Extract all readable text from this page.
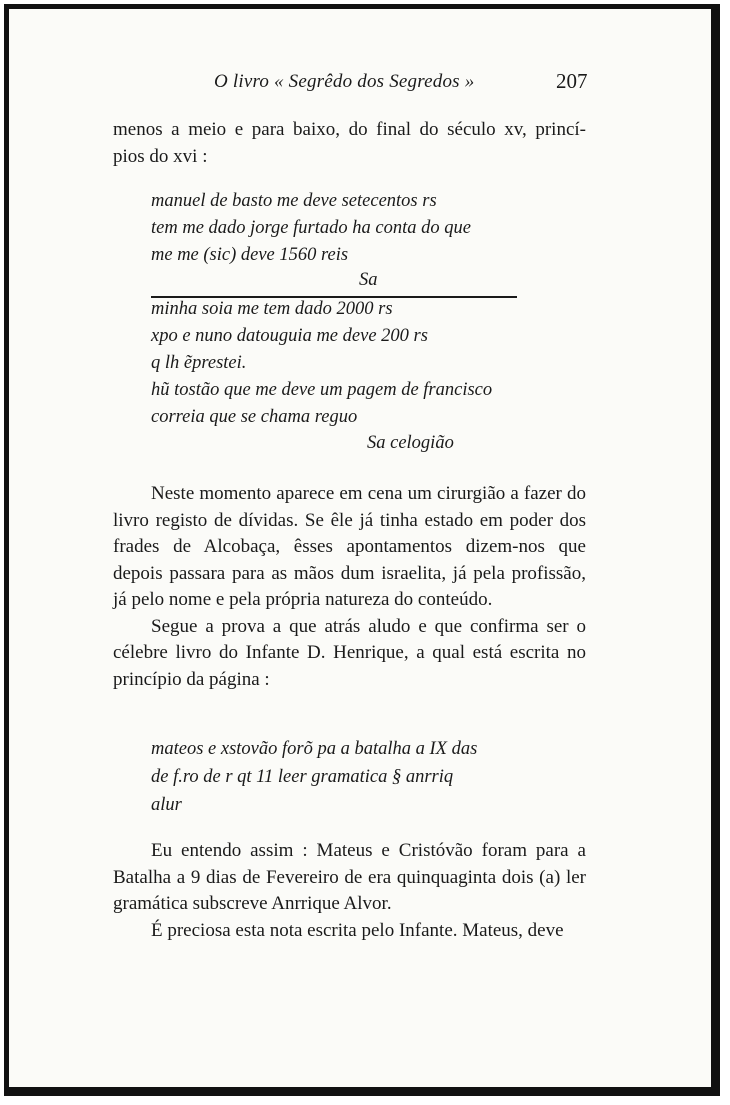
O livro « Segrêdo dos Segredos »	207
menos a meio e para baixo, do final do século xv, princí-
pios do xvi :
manuel de basto me deve setecentos rs
tem me dado jorge furtado ha conta do que
me me (sic) deve 1560 reis
Sa
minha soia me tem dado 2000 rs
xpo e nuno datouguia me deve 200 rs
q lh ẽprestei.
hũ tostão que me deve um pagem de francisco
correia que se chama reguo
Sa celogião

Neste momento aparece em cena um cirurgião a fazer do livro registo de dívidas. Se êle já tinha estado em poder dos frades de Alcobaça, êsses apontamentos dizem-nos que depois passara para as mãos dum israelita, já pela profissão, já pelo nome e pela própria natureza do conteúdo.

Segue a prova a que atrás aludo e que confirma ser o célebre livro do Infante D. Henrique, a qual está escrita no princípio da página :

mateos e xstovão forõ pa a batalha a IX das
de f.ro de r qt 11 leer gramatica § anrriq
alur

Eu entendo assim : Mateus e Cristóvão foram para a Batalha a 9 dias de Fevereiro de era quinquaginta dois (a) ler gramática subscreve Anrrique Alvor.

É preciosa esta nota escrita pelo Infante. Mateus, deve
